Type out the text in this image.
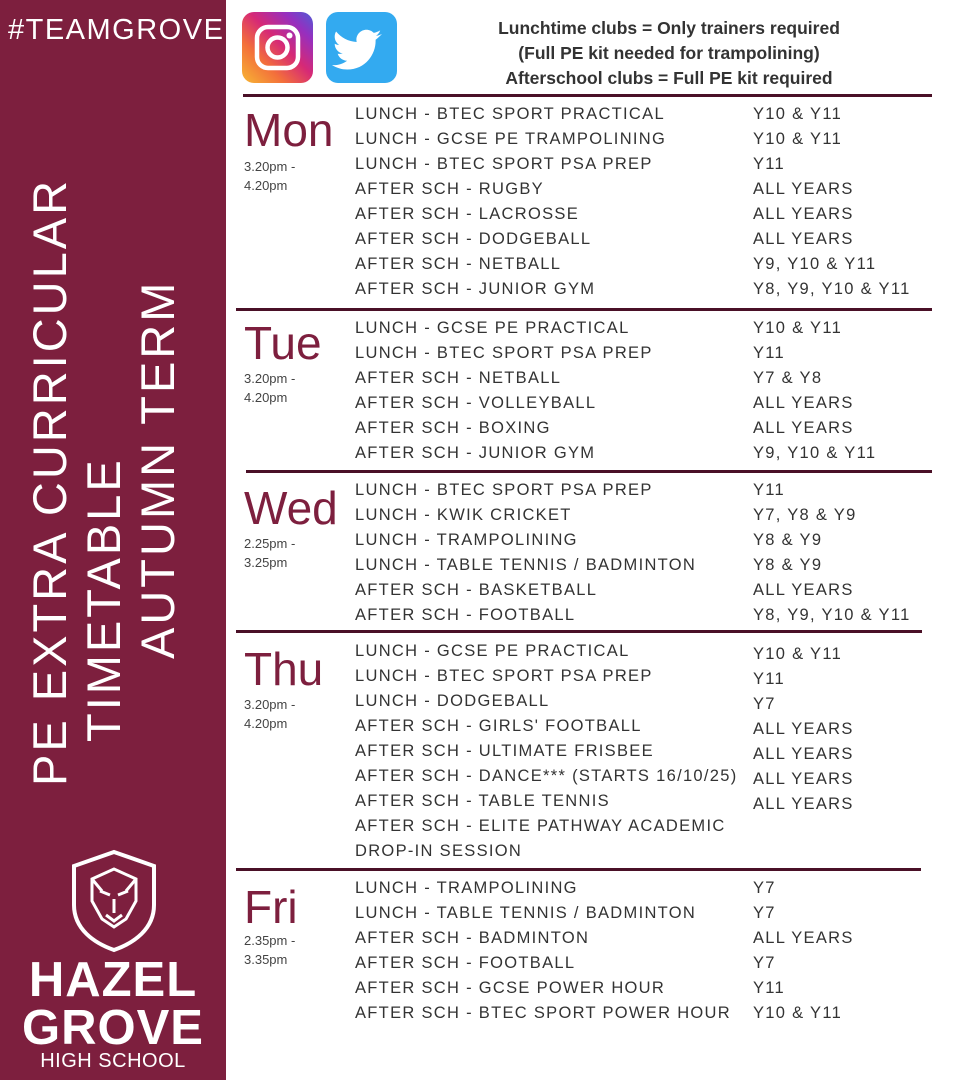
#TEAMGROVE
PE EXTRA CURRICULAR TIMETABLE AUTUMN TERM
HAZEL
GROVE
HIGH SCHOOL
Lunchtime clubs = Only trainers required
(Full PE kit needed for trampolining)
Afterschool clubs = Full PE kit required
Mon
3.20pm -
4.20pm
LUNCH - BTEC SPORT PRACTICAL	Y10 & Y11
LUNCH - GCSE PE TRAMPOLINING	Y10 & Y11
LUNCH - BTEC SPORT PSA PREP	Y11
AFTER SCH - RUGBY	ALL YEARS
AFTER SCH - LACROSSE	ALL YEARS
AFTER SCH - DODGEBALL	ALL YEARS
AFTER SCH - NETBALL	Y9, Y10 & Y11
AFTER SCH - JUNIOR GYM	Y8, Y9, Y10 & Y11
Tue
3.20pm -
4.20pm
LUNCH - GCSE PE PRACTICAL	Y10 & Y11
LUNCH - BTEC SPORT PSA PREP	Y11
AFTER SCH - NETBALL	Y7 & Y8
AFTER SCH - VOLLEYBALL	ALL YEARS
AFTER SCH - BOXING	ALL YEARS
AFTER SCH - JUNIOR GYM	Y9, Y10 & Y11
Wed
2.25pm -
3.25pm
LUNCH - BTEC SPORT PSA PREP	Y11
LUNCH - KWIK CRICKET	Y7, Y8 & Y9
LUNCH - TRAMPOLINING	Y8 & Y9
LUNCH - TABLE TENNIS / BADMINTON	Y8 & Y9
AFTER SCH - BASKETBALL	ALL YEARS
AFTER SCH - FOOTBALL	Y8, Y9, Y10 & Y11
Thu
3.20pm -
4.20pm
LUNCH - GCSE PE PRACTICAL	Y10 & Y11
LUNCH - BTEC SPORT PSA PREP	Y11
LUNCH - DODGEBALL	Y7
AFTER SCH - GIRLS' FOOTBALL	ALL YEARS
AFTER SCH - ULTIMATE FRISBEE	ALL YEARS
AFTER SCH - DANCE*** (STARTS 16/10/25) ALL YEARS
AFTER SCH - TABLE TENNIS	ALL YEARS
AFTER SCH - ELITE PATHWAY ACADEMIC
DROP-IN SESSION
Fri
2.35pm -
3.35pm
LUNCH - TRAMPOLINING	Y7
LUNCH - TABLE TENNIS / BADMINTON	Y7
AFTER SCH - BADMINTON	ALL YEARS
AFTER SCH - FOOTBALL	Y7
AFTER SCH - GCSE POWER HOUR	Y11
AFTER SCH - BTEC SPORT POWER HOUR Y10 & Y11
